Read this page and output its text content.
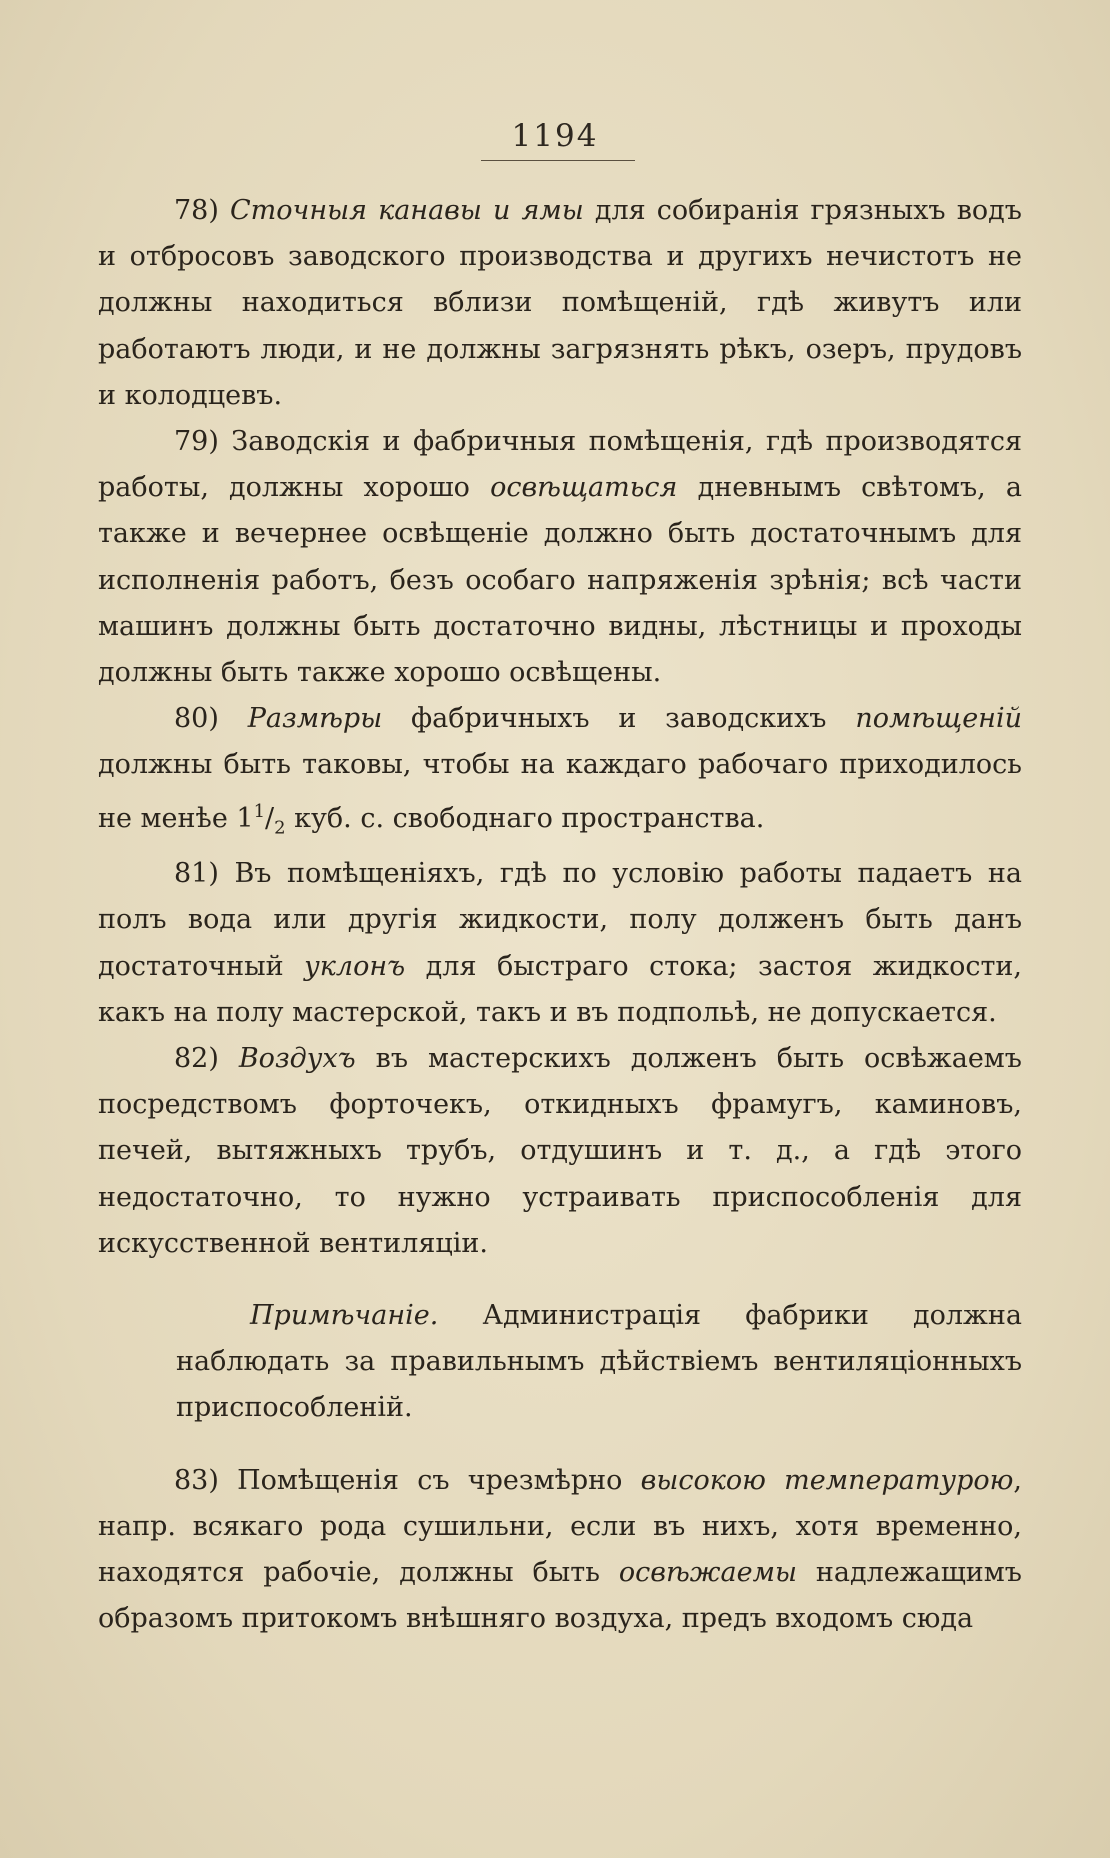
1194

78) Сточныя канавы и ямы для собиранія грязныхъ водъ и отбросовъ заводского производства и другихъ нечистотъ не должны находиться вблизи помѣщеній, гдѣ живутъ или работаютъ люди, и не должны загрязнять рѣкъ, озеръ, прудовъ и колодцевъ.

79) Заводскія и фабричныя помѣщенія, гдѣ производятся работы, должны хорошо освѣщаться дневнымъ свѣтомъ, а также и вечернее освѣщеніе должно быть достаточнымъ для исполненія работъ, безъ особаго напряженія зрѣнія; всѣ части машинъ должны быть достаточно видны, лѣстницы и проходы должны быть также хорошо освѣщены.

80) Размѣры фабричныхъ и заводскихъ помѣщеній должны быть таковы, чтобы на каждаго рабочаго приходилось не менѣе $1^1/_2$ куб. с. свободнаго пространства.

81) Въ помѣщеніяхъ, гдѣ по условію работы падаетъ на полъ вода или другія жидкости, полу долженъ быть данъ достаточный уклонъ для быстраго стока; застоя жидкости, какъ на полу мастерской, такъ и въ подпольѣ, не допускается.

82) Воздухъ въ мастерскихъ долженъ быть освѣжаемъ посредствомъ форточекъ, откидныхъ фрамугъ, каминовъ, печей, вытяжныхъ трубъ, отдушинъ и т. д., а гдѣ этого недостаточно, то нужно устраивать приспособленія для искусственной вентиляціи.

Примѣчаніе. Администрація фабрики должна наблюдать за правильнымъ дѣйствіемъ вентиляціонныхъ приспособленій.

83) Помѣщенія съ чрезмѣрно высокою температурою, напр. всякаго рода сушильни, если въ нихъ, хотя временно, находятся рабочіе, должны быть освѣжаемы надлежащимъ образомъ притокомъ внѣшняго воздуха, предъ входомъ сюда
